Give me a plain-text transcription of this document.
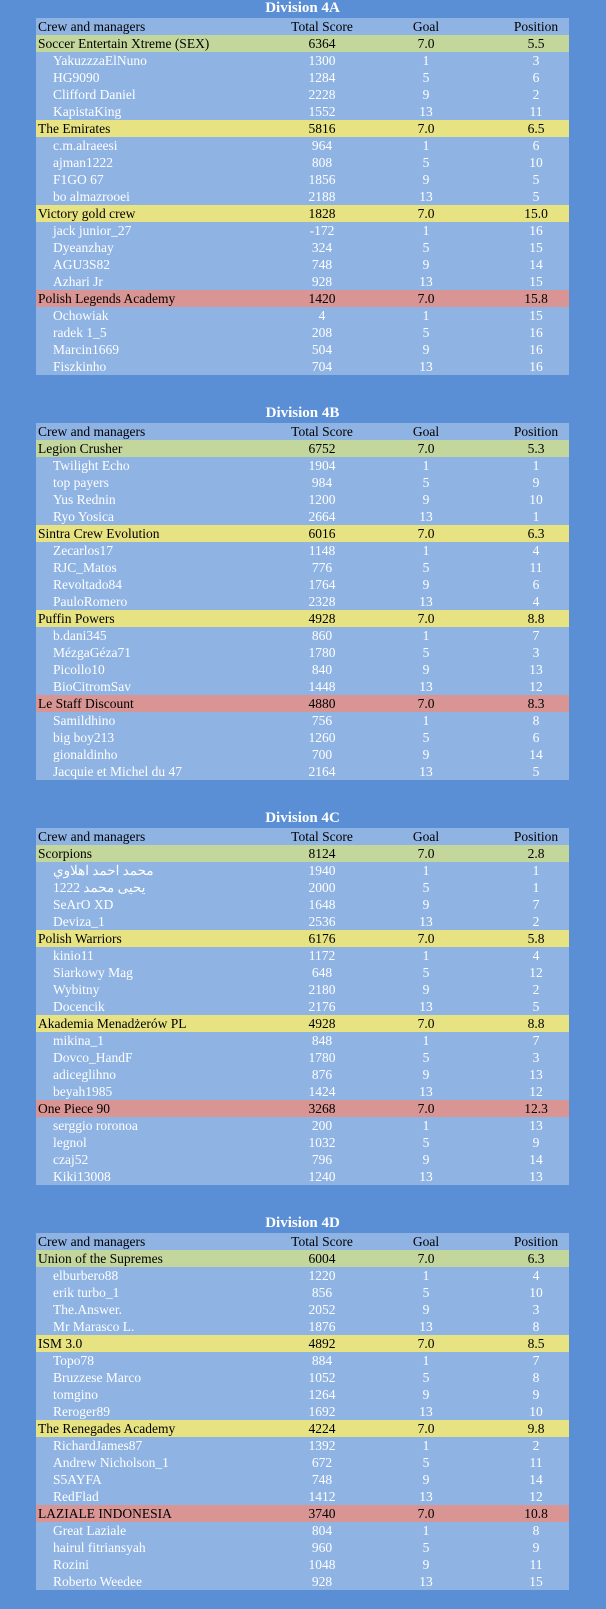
Division 4A
Crew and managers	Total Score	Goal	Position
Soccer Entertain Xtreme (SEX)	6364	7.0	5.5
YakuzzzaElNuno	1300	1	3
HG9090	1284	5	6
Clifford Daniel	2228	9	2
KapistaKing	1552	13	11
The Emirates	5816	7.0	6.5
c.m.alraeesi	964	1	6
ajman1222	808	5	10
F1GO 67	1856	9	5
bo almazrooei	2188	13	5
Victory gold crew	1828	7.0	15.0
jack junior_27	-172	1	16
Dyeanzhay	324	5	15
AGU3S82	748	9	14
Azhari Jr	928	13	15
Polish Legends Academy	1420	7.0	15.8
Ochowiak	4	1	15
radek 1_5	208	5	16
Marcin1669	504	9	16
Fiszkinho	704	13	16
Division 4B
Crew and managers	Total Score	Goal	Position
Legion Crusher	6752	7.0	5.3
Twilight Echo	1904	1	1
top payers	984	5	9
Yus Rednin	1200	9	10
Ryo Yosica	2664	13	1
Sintra Crew Evolution	6016	7.0	6.3
Zecarlos17	1148	1	4
RJC_Matos	776	5	11
Revoltado84	1764	9	6
PauloRomero	2328	13	4
Puffin Powers	4928	7.0	8.8
b.dani345	860	1	7
MézgaGéza71	1780	5	3
Picollo10	840	9	13
BioCitromSav	1448	13	12
Le Staff Discount	4880	7.0	8.3
Samildhino	756	1	8
big boy213	1260	5	6
gionaldinho	700	9	14
Jacquie et Michel du 47	2164	13	5
Division 4C
Crew and managers	Total Score	Goal	Position
Scorpions	8124	7.0	2.8
محمد احمد اهلاوي	1940	1	1
يحيى محمد 1222	2000	5	1
SeArO XD	1648	9	7
Deviza_1	2536	13	2
Polish Warriors	6176	7.0	5.8
kinio11	1172	1	4
Siarkowy Mag	648	5	12
Wybitny	2180	9	2
Docencik	2176	13	5
Akademia Menadżerów PL	4928	7.0	8.8
mikina_1	848	1	7
Dovco_HandF	1780	5	3
adiceglihno	876	9	13
beyah1985	1424	13	12
One Piece 90	3268	7.0	12.3
serggio roronoa	200	1	13
legnol	1032	5	9
czaj52	796	9	14
Kiki13008	1240	13	13
Division 4D
Crew and managers	Total Score	Goal	Position
Union of the Supremes	6004	7.0	6.3
elburbero88	1220	1	4
erik turbo_1	856	5	10
The.Answer.	2052	9	3
Mr Marasco L.	1876	13	8
ISM 3.0	4892	7.0	8.5
Topo78	884	1	7
Bruzzese Marco	1052	5	8
tomgino	1264	9	9
Reroger89	1692	13	10
The Renegades Academy	4224	7.0	9.8
RichardJames87	1392	1	2
Andrew Nicholson_1	672	5	11
S5AYFA	748	9	14
RedFlad	1412	13	12
LAZIALE INDONESIA	3740	7.0	10.8
Great Laziale	804	1	8
hairul fitriansyah	960	5	9
Rozini	1048	9	11
Roberto Weedee	928	13	15
